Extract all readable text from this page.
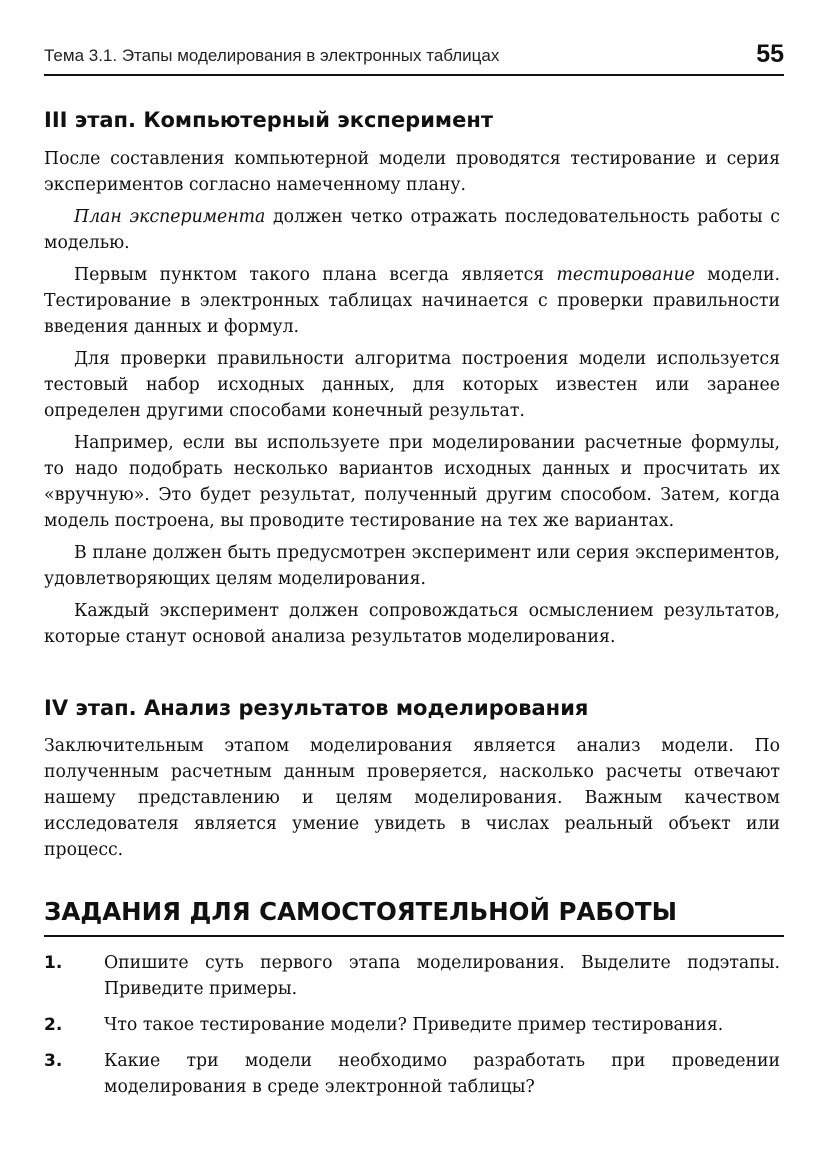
Тема 3.1. Этапы моделирования в электронных таблицах	55
III этап. Компьютерный эксперимент

После составления компьютерной модели проводятся тестирование и серия экспериментов согласно намеченному плану.

План эксперимента должен четко отражать последовательность работы с моделью.

Первым пунктом такого плана всегда является тестирование модели. Тестирование в электронных таблицах начинается с проверки правильности введения данных и формул.

Для проверки правильности алгоритма построения модели используется тестовый набор исходных данных, для которых известен или заранее определен другими способами конечный результат.

Например, если вы используете при моделировании расчетные формулы, то надо подобрать несколько вариантов исходных данных и просчитать их «вручную». Это будет результат, полученный другим способом. Затем, когда модель построена, вы проводите тестирование на тех же вариантах.

В плане должен быть предусмотрен эксперимент или серия экспериментов, удовлетворяющих целям моделирования.

Каждый эксперимент должен сопровождаться осмыслением результатов, которые станут основой анализа результатов моделирования.

IV этап. Анализ результатов моделирования

Заключительным этапом моделирования является анализ модели. По полученным расчетным данным проверяется, насколько расчеты отвечают нашему представлению и целям моделирования. Важным качеством исследователя является умение увидеть в числах реальный объект или процесс.

ЗАДАНИЯ ДЛЯ САМОСТОЯТЕЛЬНОЙ РАБОТЫ
1. Опишите суть первого этапа моделирования. Выделите подэтапы. Приведите примеры.
2. Что такое тестирование модели? Приведите пример тестирования.
3. Какие три модели необходимо разработать при проведении моделирования в среде электронной таблицы?
